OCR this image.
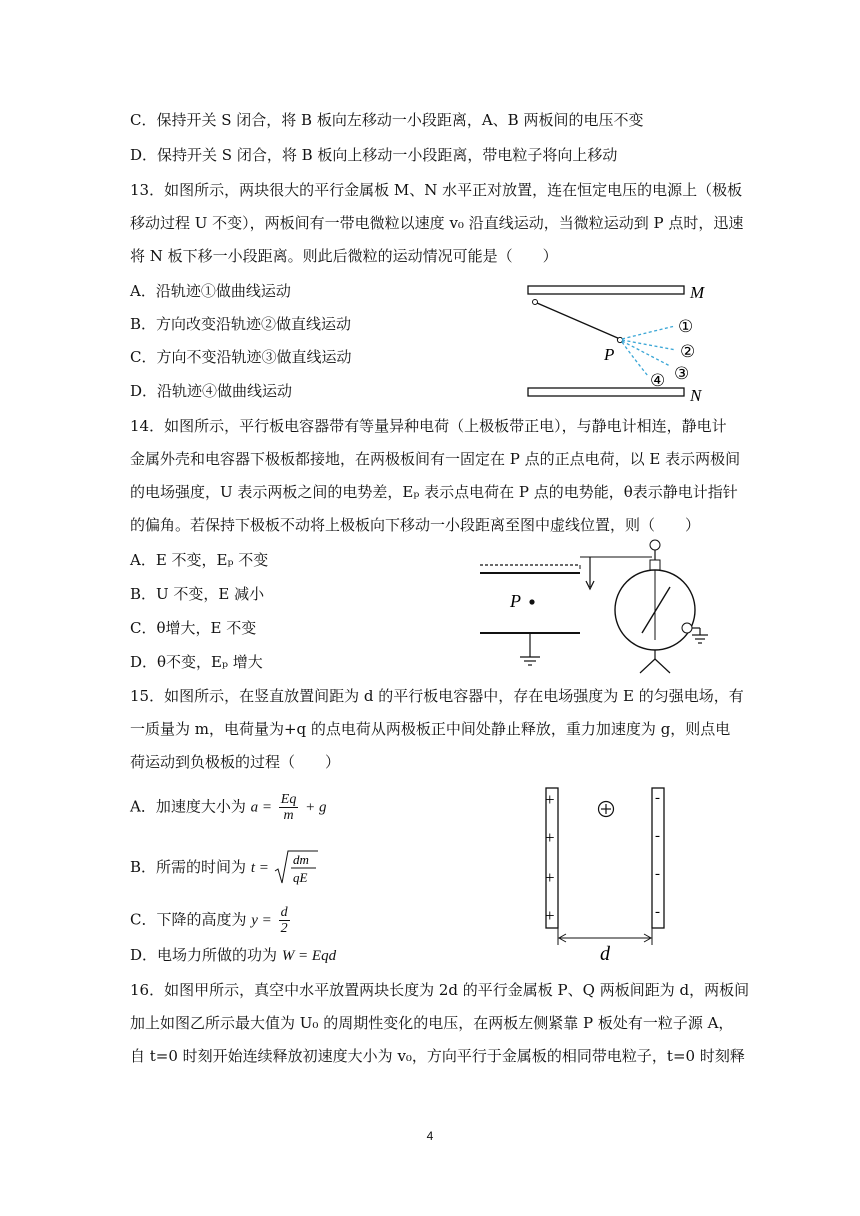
C．保持开关 S 闭合，将 B 板向左移动一小段距离，A、B 两板间的电压不变
D．保持开关 S 闭合，将 B 板向上移动一小段距离，带电粒子将向上移动
13．如图所示，两块很大的平行金属板 M、N 水平正对放置，连在恒定电压的电源上（极板
移动过程 U 不变），两板间有一带电微粒以速度 v₀ 沿直线运动，当微粒运动到 P 点时，迅速
将 N 板下移一小段距离。则此后微粒的运动情况可能是（　　）
A．沿轨迹①做曲线运动
B．方向改变沿轨迹②做直线运动
C．方向不变沿轨迹③做直线运动
D．沿轨迹④做曲线运动
M
N
P
①
②
③
④
14．如图所示，平行板电容器带有等量异种电荷（上极板带正电），与静电计相连，静电计
金属外壳和电容器下极板都接地，在两极板间有一固定在 P 点的正点电荷，以 E 表示两极间
的电场强度，U 表示两板之间的电势差，Eₚ 表示点电荷在 P 点的电势能，θ表示静电计指针
的偏角。若保持下极板不动将上极板向下移动一小段距离至图中虚线位置，则（　　）
A．E 不变，Eₚ 不变
B．U 不变，E 减小
C．θ增大，E 不变
D．θ不变，Eₚ 增大
P
15．如图所示，在竖直放置间距为 d 的平行板电容器中，存在电场强度为 E 的匀强电场，有
一质量为 m，电荷量为+q 的点电荷从两极板正中间处静止释放，重力加速度为 g，则点电
荷运动到负极板的过程（　　）
A．加速度大小为 $a = \frac{Eq}{m} + g$
B．所需的时间为 t =
dm
qE
C．下降的高度为 $y = \frac{d}{2}$
D．电场力所做的功为 W = Eqd
+
+
+
+
-
-
-
-
d
16．如图甲所示，真空中水平放置两块长度为 2d 的平行金属板 P、Q 两板间距为 d，两板间
加上如图乙所示最大值为 U₀ 的周期性变化的电压，在两板左侧紧靠 P 板处有一粒子源 A，
自 t=0 时刻开始连续释放初速度大小为 v₀，方向平行于金属板的相同带电粒子，t=0 时刻释
4
